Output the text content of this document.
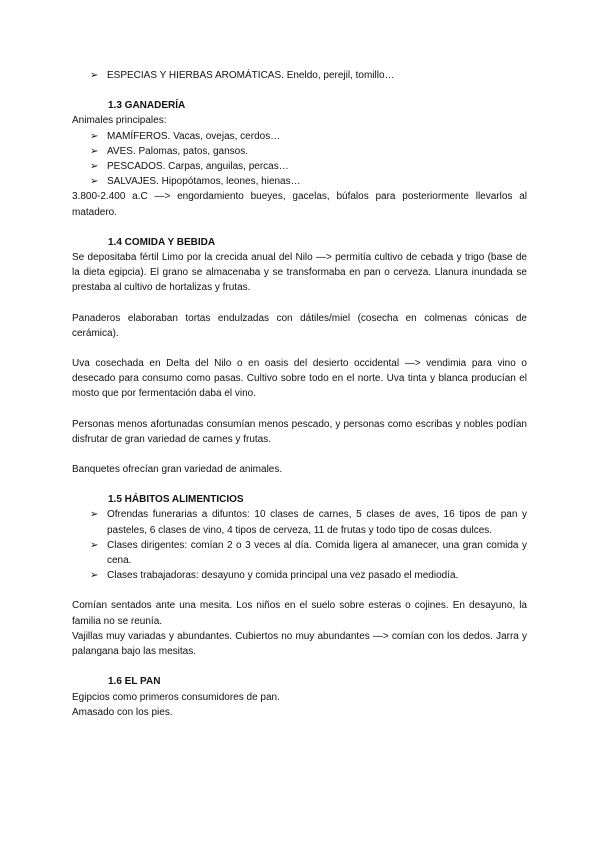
➢ ESPECIAS Y HIERBAS AROMÁTICAS. Eneldo, perejil, tomillo…

1.3 GANADERÍA

Animales principales:

➢ MAMÍFEROS. Vacas, ovejas, cerdos…
➢ AVES. Palomas, patos, gansos.
➢ PESCADOS. Carpas, anguilas, percas…
➢ SALVAJES. Hipopótamos, leones, hienas…

3.800-2.400 a.C —> engordamiento bueyes, gacelas, búfalos para posteriormente llevarlos al matadero.

1.4 COMIDA Y BEBIDA

Se depositaba fértil Limo por la crecida anual del Nilo —> permitía cultivo de cebada y trigo (base de la dieta egipcia). El grano se almacenaba y se transformaba en pan o cerveza. Llanura inundada se prestaba al cultivo de hortalizas y frutas.

Panaderos elaboraban tortas endulzadas con dátiles/miel (cosecha en colmenas cónicas de cerámica).

Uva cosechada en Delta del Nilo o en oasis del desierto occidental —> vendimia para vino o desecado para consumo como pasas. Cultivo sobre todo en el norte. Uva tinta y blanca producían el mosto que por fermentación daba el vino.

Personas menos afortunadas consumían menos pescado, y personas como escribas y nobles podían disfrutar de gran variedad de carnes y frutas.

Banquetes ofrecían gran variedad de animales.

1.5 HÁBITOS ALIMENTICIOS

➢ Ofrendas funerarias a difuntos: 10 clases de carnes, 5 clases de aves, 16 tipos de pan y pasteles, 6 clases de vino, 4 tipos de cerveza, 11 de frutas y todo tipo de cosas dulces.
➢ Clases dirigentes: comían 2 o 3 veces al día. Comida ligera al amanecer, una gran comida y cena.
➢ Clases trabajadoras: desayuno y comida principal una vez pasado el mediodía.

Comían sentados ante una mesita. Los niños en el suelo sobre esteras o cojines. En desayuno, la familia no se reunía.

Vajillas muy variadas y abundantes. Cubiertos no muy abundantes —> comían con los dedos. Jarra y palangana bajo las mesitas.

1.6 EL PAN

Egipcios como primeros consumidores de pan.

Amasado con los pies.
